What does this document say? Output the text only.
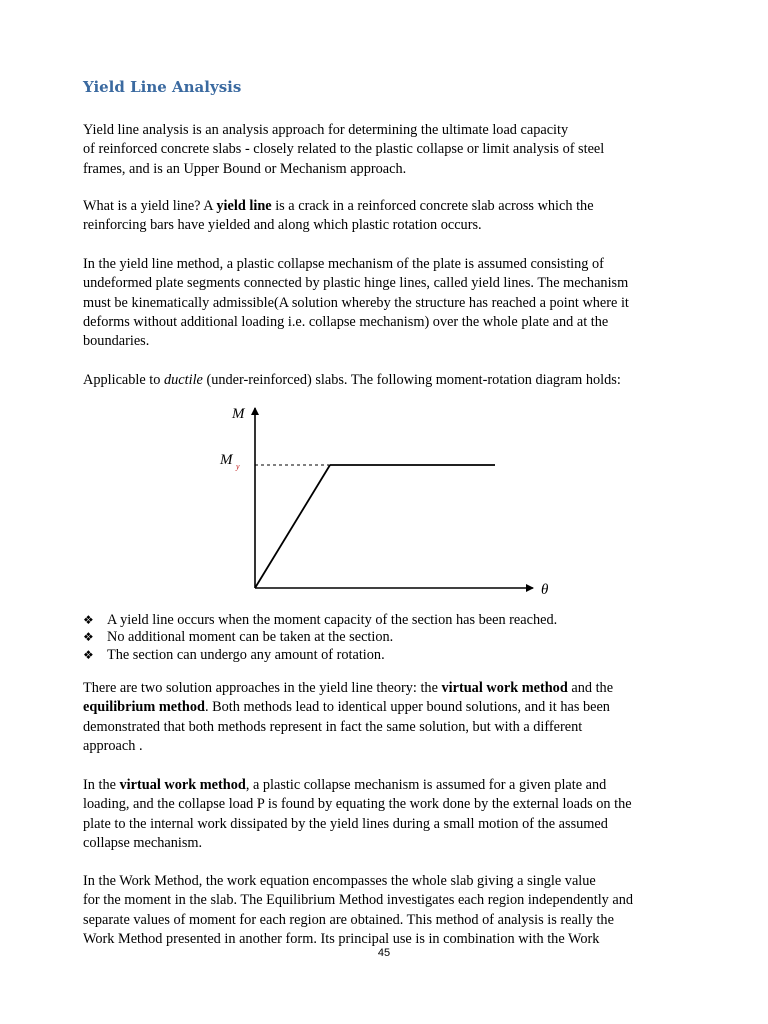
Yield Line Analysis

Yield line analysis is an analysis approach for determining the ultimate load capacity
of reinforced concrete slabs - closely related to the plastic collapse or limit analysis of steel
frames, and is an Upper Bound or Mechanism approach.

What is a yield line? A yield line is a crack in a reinforced concrete slab across which the
reinforcing bars have yielded and along which plastic rotation occurs.

In the yield line method, a plastic collapse mechanism of the plate is assumed consisting of
undeformed plate segments connected by plastic hinge lines, called yield lines. The mechanism
must be kinematically admissible(A solution whereby the structure has reached a point where it
deforms without additional loading i.e. collapse mechanism) over the whole plate and at the
boundaries.

Applicable to ductile (under-reinforced) slabs. The following moment-rotation diagram holds:

M
M y
θ
❖ A yield line occurs when the moment capacity of the section has been reached.
❖ No additional moment can be taken at the section.
❖ The section can undergo any amount of rotation.

There are two solution approaches in the yield line theory: the virtual work method and the
equilibrium method. Both methods lead to identical upper bound solutions, and it has been
demonstrated that both methods represent in fact the same solution, but with a different
approach .

In the virtual work method, a plastic collapse mechanism is assumed for a given plate and
loading, and the collapse load P is found by equating the work done by the external loads on the
plate to the internal work dissipated by the yield lines during a small motion of the assumed
collapse mechanism.

In the Work Method, the work equation encompasses the whole slab giving a single value
for the moment in the slab. The Equilibrium Method investigates each region independently and
separate values of moment for each region are obtained. This method of analysis is really the
Work Method presented in another form. Its principal use is in combination with the Work

45
